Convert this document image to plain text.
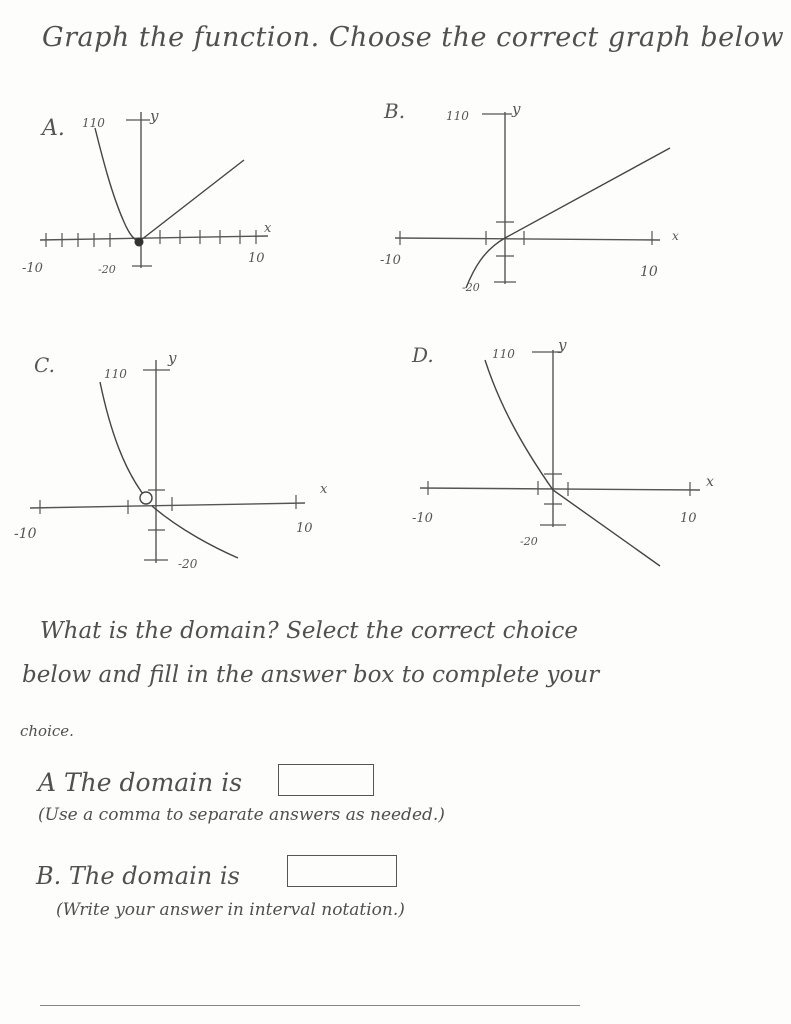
Graph the function. Choose the correct graph below
A. 110	y
x
-10	-20
10
B.	110	y
x
-10
-20
10
C.	110
y
x
-10
-20
10
D.	110	y
x
-10
-20
10
What is the domain? Select the correct choice
below and fill in the answer box to complete your
choice.
A The domain is
(Use a comma to separate answers as needed.)
B. The domain is
(Write your answer in interval notation.)
